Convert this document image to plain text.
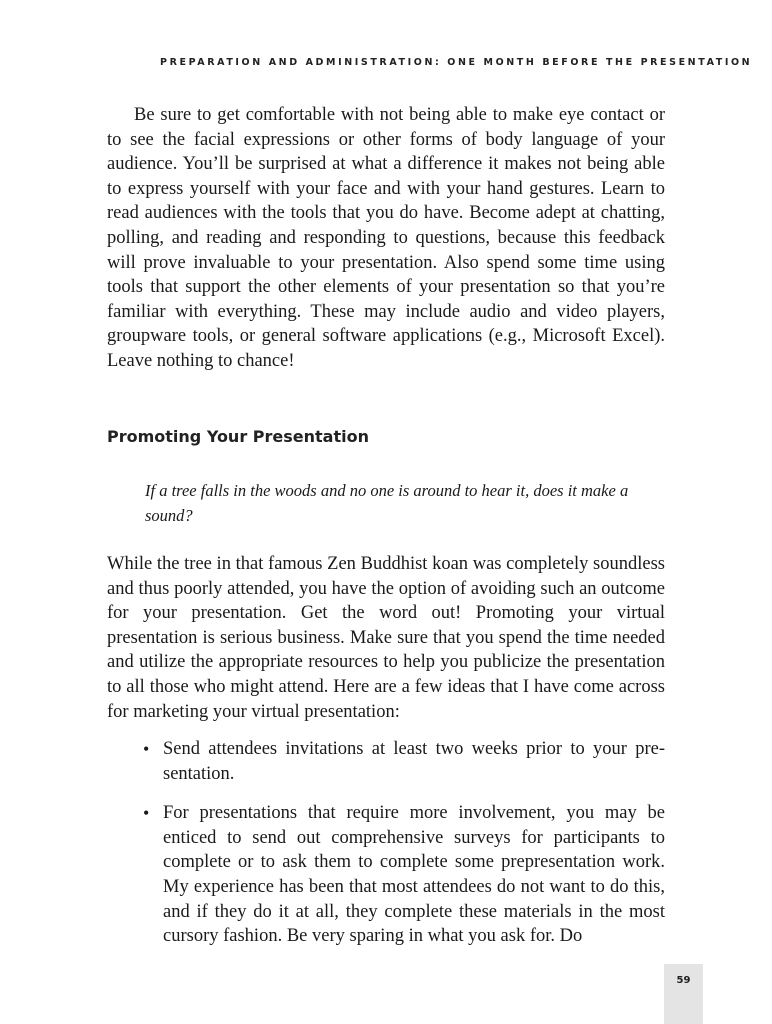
PREPARATION AND ADMINISTRATION: ONE MONTH BEFORE THE PRESENTATION

Be sure to get comfortable with not being able to make eye contact or to see the facial expressions or other forms of body language of your audience. You’ll be surprised at what a difference it makes not being able to express yourself with your face and with your hand gestures. Learn to read audiences with the tools that you do have. Become adept at chatting, polling, and reading and responding to questions, because this feedback will prove invaluable to your presentation. Also spend some time using tools that support the other elements of your presentation so that you’re familiar with everything. These may include audio and video players, groupware tools, or general software applications (e.g., Microsoft Excel). Leave nothing to chance!

Promoting Your Presentation

If a tree falls in the woods and no one is around to hear it, does it make a sound?

While the tree in that famous Zen Buddhist koan was completely soundless and thus poorly attended, you have the option of avoiding such an outcome for your presentation. Get the word out! Promoting your virtual presentation is serious business. Make sure that you spend the time needed and utilize the appropriate resources to help you publicize the presentation to all those who might attend. Here are a few ideas that I have come across for marketing your virtual presentation:

• Send attendees invitations at least two weeks prior to your presentation.
• For presentations that require more involvement, you may be enticed to send out comprehensive surveys for participants to complete or to ask them to complete some prepresentation work. My experience has been that most attendees do not want to do this, and if they do it at all, they complete these materials in the most cursory fashion. Be very sparing in what you ask for. Do
59
